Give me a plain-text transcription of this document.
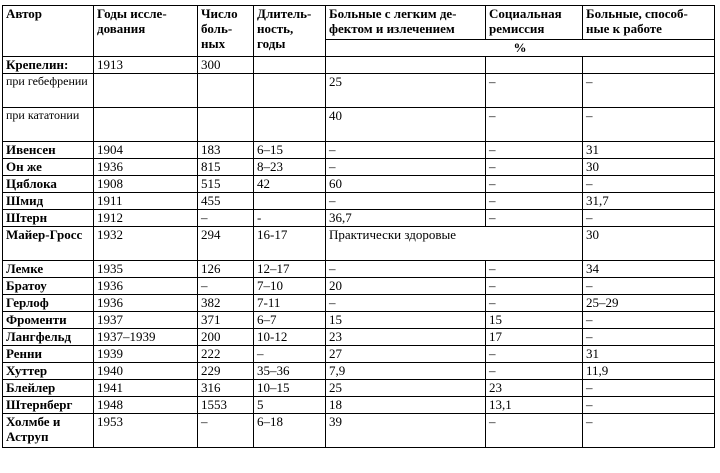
Автор	Годы иссле-дования	Число боль-ных	Длитель-ность, годы	Больные с легким де-фектом и излечением	Социальная ремиссия	Больные, способ-ные к работе
				%		
Крепелин:	1913	300				
при гебефрении				25	–	–
при кататонии				40	–	–
Ивенсен	1904	183	6–15	–	–	31
Он же	1936	815	8–23	–	–	30
Цяблока	1908	515	42	60	–	–
Шмид	1911	455		–	–	31,7
Штерн	1912	–	-	36,7	–	–
Майер-Гросс	1932	294	16-17	Практически здоровые		30
Лемке	1935	126	12–17	–	–	34
Братоу	1936	–	7–10	20	–	–
Герлоф	1936	382	7-11	–	–	25–29
Фроменти	1937	371	6–7	15	15	–
Лангфельд	1937–1939	200	10-12	23	17	–
Ренни	1939	222	–	27	–	31
Хуттер	1940	229	35–36	7,9	–	11,9
Блейлер	1941	316	10–15	25	23	–
Штернберг	1948	1553	5	18	13,1	–
Холмбе и Аструп	1953	–	6–18	39	–	–
